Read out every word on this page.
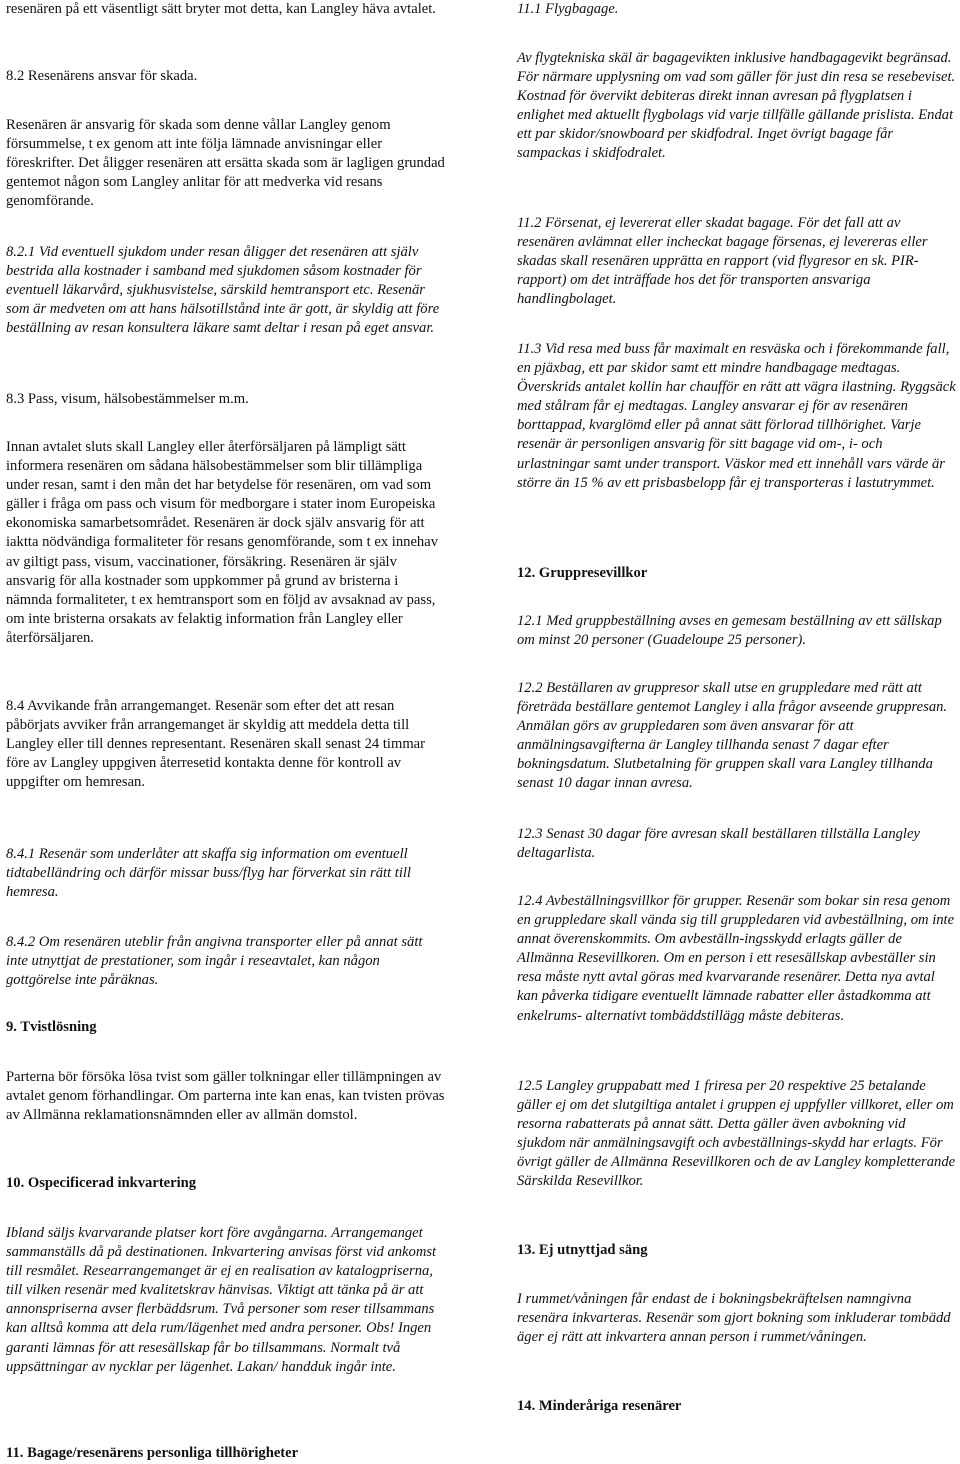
resenären på ett väsentligt sätt bryter mot detta, kan Langley häva avtalet.

8.2 Resenärens ansvar för skada.

Resenären är ansvarig för skada som denne vållar Langley genom försummelse, t ex genom att inte följa lämnade anvisningar eller föreskrifter. Det åligger resenären att ersätta skada som är lagligen grundad gentemot någon som Langley anlitar för att medverka vid resans genomförande.

8.2.1 Vid eventuell sjukdom under resan åligger det resenären att själv bestrida alla kostnader i samband med sjukdomen såsom kostnader för eventuell läkarvård, sjukhusvistelse, särskild hemtransport etc. Resenär som är medveten om att hans hälsotillstånd inte är gott, är skyldig att före beställning av resan konsultera läkare samt deltar i resan på eget ansvar.

8.3 Pass, visum, hälsobestämmelser m.m.

Innan avtalet sluts skall Langley eller återförsäljaren på lämpligt sätt informera resenären om sådana hälsobestämmelser som blir tillämpliga under resan, samt i den mån det har betydelse för resenären, om vad som gäller i fråga om pass och visum för medborgare i stater inom Europeiska ekonomiska samarbetsområdet. Resenären är dock själv ansvarig för att iaktta nödvändiga formaliteter för resans genomförande, som t ex innehav av giltigt pass, visum, vaccinationer, försäkring. Resenären är själv ansvarig för alla kostnader som uppkommer på grund av bristerna i nämnda formaliteter, t ex hemtransport som en följd av avsaknad av pass, om inte bristerna orsakats av felaktig information från Langley eller återförsäljaren.

8.4 Avvikande från arrangemanget. Resenär som efter det att resan påbörjats avviker från arrangemanget är skyldig att meddela detta till Langley eller till dennes representant. Resenären skall senast 24 timmar före av Langley uppgiven återresetid kontakta denne för kontroll av uppgifter om hemresan.

8.4.1 Resenär som underlåter att skaffa sig information om eventuell tidtabelländring och därför missar buss/flyg har förverkat sin rätt till hemresa.

8.4.2 Om resenären uteblir från angivna transporter eller på annat sätt inte utnyttjat de prestationer, som ingår i reseavtalet, kan någon gottgörelse inte påräknas.

9. Tvistlösning

Parterna bör försöka lösa tvist som gäller tolkningar eller tillämpningen av avtalet genom förhandlingar. Om parterna inte kan enas, kan tvisten prövas av Allmänna reklamationsnämnden eller av allmän domstol.

10. Ospecificerad inkvartering

Ibland säljs kvarvarande platser kort före avgångarna. Arrangemanget sammanställs då på destinationen. Inkvartering anvisas först vid ankomst till resmålet. Researrangemanget är ej en realisation av katalogpriserna, till vilken resenär med kvalitetskrav hänvisas. Viktigt att tänka på är att annonspriserna avser flerbäddsrum. Två personer som reser tillsammans kan alltså komma att dela rum/lägenhet med andra personer. Obs! Ingen garanti lämnas för att resesällskap får bo tillsammans. Normalt två uppsättningar av nycklar per lägenhet. Lakan/ handduk ingår inte.

11. Bagage/resenärens personliga tillhörigheter

11.1 Flygbagage.

Av flygtekniska skäl är bagagevikten inklusive handbagagevikt begränsad. För närmare upplysning om vad som gäller för just din resa se resebeviset. Kostnad för övervikt debiteras direkt innan avresan på flygplatsen i enlighet med aktuellt flygbolags vid varje tillfälle gällande prislista. Endat ett par skidor/snowboard per skidfodral. Inget övrigt bagage får sampackas i skidfodralet.

11.2 Försenat, ej levererat eller skadat bagage. För det fall att av resenären avlämnat eller incheckat bagage försenas, ej levereras eller skadas skall resenären upprätta en rapport (vid flygresor en sk. PIR-rapport) om det inträffade hos det för transporten ansvariga handlingbolaget.

11.3 Vid resa med buss får maximalt en resväska och i förekommande fall, en pjäxbag, ett par skidor samt ett mindre handbagage medtagas. Överskrids antalet kollin har chaufför en rätt att vägra ilastning. Ryggsäck med stålram får ej medtagas. Langley ansvarar ej för av resenären borttappad, kvarglömd eller på annat sätt förlorad tillhörighet. Varje resenär är personligen ansvarig för sitt bagage vid om-, i- och urlastningar samt under transport. Väskor med ett innehåll vars värde är större än 15 % av ett prisbasbelopp får ej transporteras i lastutrymmet.

12. Gruppresevillkor

12.1 Med gruppbeställning avses en gemesam beställning av ett sällskap om minst 20 personer (Guadeloupe 25 personer).

12.2 Beställaren av gruppresor skall utse en gruppledare med rätt att företräda beställare gentemot Langley i alla frågor avseende gruppresan. Anmälan görs av gruppledaren som även ansvarar för att anmälningsavgifterna är Langley tillhanda senast 7 dagar efter bokningsdatum. Slutbetalning för gruppen skall vara Langley tillhanda senast 10 dagar innan avresa.

12.3 Senast 30 dagar före avresan skall beställaren tillställa Langley deltagarlista.

12.4 Avbeställningsvillkor för grupper. Resenär som bokar sin resa genom en gruppledare skall vända sig till gruppledaren vid avbeställning, om inte annat överenskommits. Om avbeställn-ingsskydd erlagts gäller de Allmänna Resevillkoren. Om en person i ett resesällskap avbeställer sin resa måste nytt avtal göras med kvarvarande resenärer. Detta nya avtal kan påverka tidigare eventuellt lämnade rabatter eller åstadkomma att enkelrums- alternativt tombäddstillägg måste debiteras.

12.5 Langley gruppabatt med 1 friresa per 20 respektive 25 betalande gäller ej om det slutgiltiga antalet i gruppen ej uppfyller villkoret, eller om resorna rabatterats på annat sätt. Detta gäller även avbokning vid sjukdom när anmälningsavgift och avbeställnings-skydd har erlagts. För övrigt gäller de Allmänna Resevillkoren och de av Langley kompletterande Särskilda Resevillkor.

13. Ej utnyttjad säng

I rummet/våningen får endast de i bokningsbekräftelsen namngivna resenära inkvarteras. Resenär som gjort bokning som inkluderar tombädd äger ej rätt att inkvartera annan person i rummet/våningen.

14. Minderåriga resenärer
